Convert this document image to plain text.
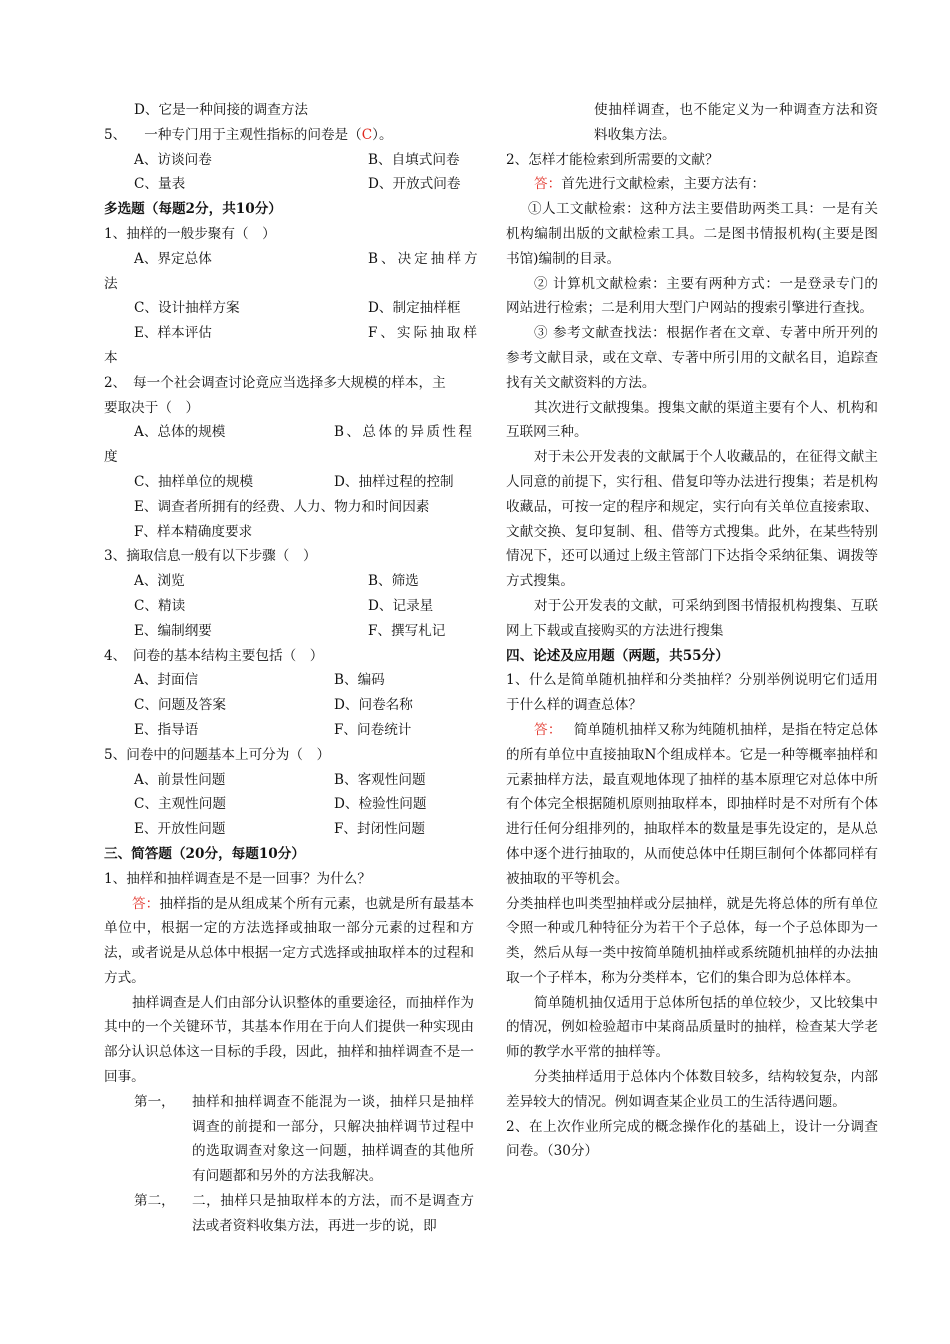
D、它是一种间接的调查方法
5、 一种专门用于主观性指标的问卷是（C）。
A、访谈问卷	B、自填式问卷
C、量表	D、开放式问卷
多选题（每题2分，共10分）
1、抽样的一般步聚有（　）
A、界定总体	B、决定抽样方
法
C、设计抽样方案	D、制定抽样框
E、样本评估	F、实际抽取样
本
2、　每一个社会调查讨论竟应当选择多大规模的样本，主
要取决于（　）
A、总体的规模	B、总体的异质性程
度
C、抽样单位的规模	D、抽样过程的控制
E、调查者所拥有的经费、人力、物力和时间因素
F、样本精确度要求
3、摘取信息一般有以下步骤（　）
A、浏览	B、筛选
C、精读	D、记录星
E、编制纲要	F、撰写札记
4、　问卷的基本结构主要包括（　）
A、封面信	B、编码
C、问题及答案	D、问卷名称
E、指导语	F、问卷统计
5、问卷中的问题基本上可分为（　）
A、前景性问题	B、客观性问题
C、主观性问题	D、检验性问题
E、开放性问题	F、封闭性问题
三、简答题（20分，每题10分）
1、抽样和抽样调查是不是一回事？为什么？
答：抽样指的是从组成某个所有元素，也就是所有最基本单位中，根据一定的方法选择或抽取一部分元素的过程和方法，或者说是从总体中根据一定方式选择或抽取样本的过程和方式。
抽样调查是人们由部分认识整体的重要途径，而抽样作为其中的一个关键环节，其基本作用在于向人们提供一种实现由部分认识总体这一目标的手段，因此，抽样和抽样调查不是一回事。
第一，	抽样和抽样调查不能混为一谈，抽样只是抽样调查的前提和一部分，只解决抽样调节过程中的选取调查对象这一问题，抽样调查的其他所有问题都和另外的方法我解决。
第二，	二，抽样只是抽取样本的方法，而不是调查方法或者资料收集方法，再进一步的说，即
使抽样调查，也不能定义为一种调查方法和资料收集方法。
2、怎样才能检索到所需要的文献？
答：首先进行文献检索，主要方法有：
①人工文献检索：这种方法主要借助两类工具：一是有关机构编制出版的文献检索工具。二是图书情报机构(主要是图书馆)编制的目录。
② 计算机文献检索：主要有两种方式：一是登录专门的网站进行检索；二是利用大型门户网站的搜索引擎进行查找。
③ 参考文献查找法：根据作者在文章、专著中所开列的参考文献目录，或在文章、专著中所引用的文献名目，追踪查找有关文献资料的方法。
其次进行文献搜集。搜集文献的渠道主要有个人、机构和互联网三种。
对于未公开发表的文献属于个人收藏品的，在征得文献主人同意的前提下，实行租、借复印等办法进行搜集；若是机构收藏品，可按一定的程序和规定，实行向有关单位直接索取、文献交换、复印复制、租、借等方式搜集。此外，在某些特别情况下，还可以通过上级主管部门下达指令采纳征集、调拨等方式搜集。
对于公开发表的文献，可采纳到图书情报机构搜集、互联网上下载或直接购买的方法进行搜集
四、论述及应用题（两题，共55分）
1、什么是简单随机抽样和分类抽样？分别举例说明它们适用于什么样的调查总体？
答： 简单随机抽样又称为纯随机抽样，是指在特定总体的所有单位中直接抽取N个组成样本。它是一种等概率抽样和元素抽样方法，最直观地体现了抽样的基本原理它对总体中所有个体完全根据随机原则抽取样本，即抽样时是不对所有个体进行任何分组排列的，抽取样本的数量是事先设定的，是从总体中逐个进行抽取的，从而使总体中任期巨制何个体都同样有被抽取的平等机会。
分类抽样也叫类型抽样或分层抽样，就是先将总体的所有单位令照一种或几种特征分为若干个子总体，每一个子总体即为一类，然后从每一类中按简单随机抽样或系统随机抽样的办法抽取一个子样本，称为分类样本，它们的集合即为总体样本。
简单随机抽仅适用于总体所包括的单位较少，又比较集中的情况，例如检验超市中某商品质量时的抽样，检查某大学老师的教学水平常的抽样等。
分类抽样适用于总体内个体数目较多，结构较复杂，内部差异较大的情况。例如调查某企业员工的生活待遇问题。
2、在上次作业所完成的概念操作化的基础上，设计一分调查问卷。（30分）
